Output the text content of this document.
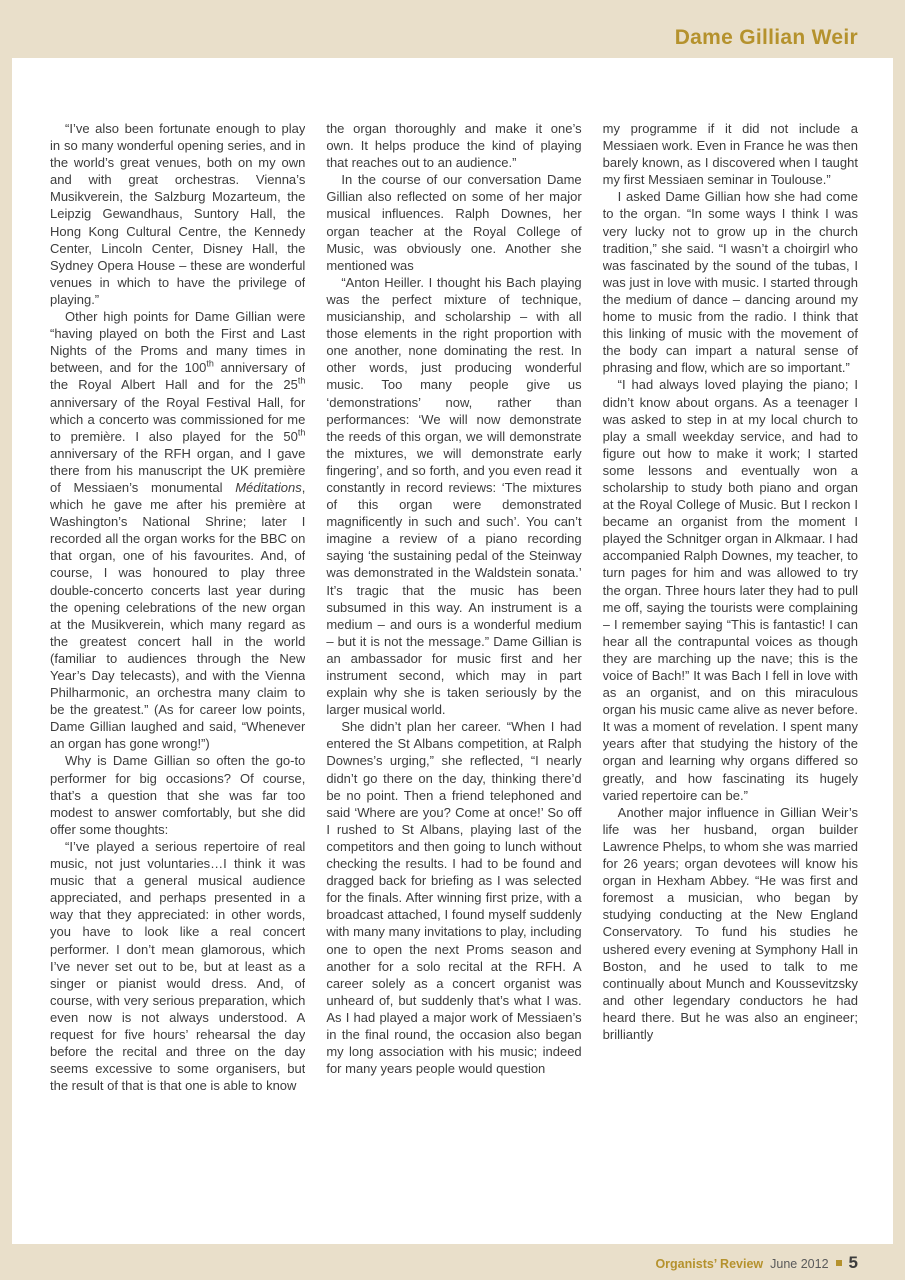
Dame Gillian Weir

“I’ve also been fortunate enough to play in so many wonderful opening series, and in the world’s great venues, both on my own and with great orchestras. Vienna’s Musikverein, the Salzburg Mozarteum, the Leipzig Gewandhaus, Suntory Hall, the Hong Kong Cultural Centre, the Kennedy Center, Lincoln Center, Disney Hall, the Sydney Opera House – these are wonderful venues in which to have the privilege of playing.”

Other high points for Dame Gillian were “having played on both the First and Last Nights of the Proms and many times in between, and for the 100th anniversary of the Royal Albert Hall and for the 25th anniversary of the Royal Festival Hall, for which a concerto was commissioned for me to première. I also played for the 50th anniversary of the RFH organ, and I gave there from his manuscript the UK première of Messiaen’s monumental Méditations, which he gave me after his première at Washington’s National Shrine; later I recorded all the organ works for the BBC on that organ, one of his favourites. And, of course, I was honoured to play three double-concerto concerts last year during the opening celebrations of the new organ at the Musikverein, which many regard as the greatest concert hall in the world (familiar to audiences through the New Year’s Day telecasts), and with the Vienna Philharmonic, an orchestra many claim to be the greatest.” (As for career low points, Dame Gillian laughed and said, “Whenever an organ has gone wrong!”)

Why is Dame Gillian so often the go-to performer for big occasions? Of course, that’s a question that she was far too modest to answer comfortably, but she did offer some thoughts:

“I’ve played a serious repertoire of real music, not just voluntaries…I think it was music that a general musical audience appreciated, and perhaps presented in a way that they appreciated: in other words, you have to look like a real concert performer. I don’t mean glamorous, which I’ve never set out to be, but at least as a singer or pianist would dress. And, of course, with very serious preparation, which even now is not always understood. A request for five hours’ rehearsal the day before the recital and three on the day seems excessive to some organisers, but the result of that is that one is able to know

the organ thoroughly and make it one’s own. It helps produce the kind of playing that reaches out to an audience.”

In the course of our conversation Dame Gillian also reflected on some of her major musical influences. Ralph Downes, her organ teacher at the Royal College of Music, was obviously one. Another she mentioned was

“Anton Heiller. I thought his Bach playing was the perfect mixture of technique, musicianship, and scholarship – with all those elements in the right proportion with one another, none dominating the rest. In other words, just producing wonderful music. Too many people give us ‘demonstrations’ now, rather than performances: ‘We will now demonstrate the reeds of this organ, we will demonstrate the mixtures, we will demonstrate early fingering’, and so forth, and you even read it constantly in record reviews: ‘The mixtures of this organ were demonstrated magnificently in such and such’. You can’t imagine a review of a piano recording saying ‘the sustaining pedal of the Steinway was demonstrated in the Waldstein sonata.’ It’s tragic that the music has been subsumed in this way. An instrument is a medium – and ours is a wonderful medium – but it is not the message.” Dame Gillian is an ambassador for music first and her instrument second, which may in part explain why she is taken seriously by the larger musical world.

She didn’t plan her career. “When I had entered the St Albans competition, at Ralph Downes’s urging,” she reflected, “I nearly didn’t go there on the day, thinking there’d be no point. Then a friend telephoned and said ‘Where are you? Come at once!’ So off I rushed to St Albans, playing last of the competitors and then going to lunch without checking the results. I had to be found and dragged back for briefing as I was selected for the finals. After winning first prize, with a broadcast attached, I found myself suddenly with many many invitations to play, including one to open the next Proms season and another for a solo recital at the RFH. A career solely as a concert organist was unheard of, but suddenly that’s what I was. As I had played a major work of Messiaen’s in the final round, the occasion also began my long association with his music; indeed for many years people would question

my programme if it did not include a Messiaen work. Even in France he was then barely known, as I discovered when I taught my first Messiaen seminar in Toulouse.”

I asked Dame Gillian how she had come to the organ. “In some ways I think I was very lucky not to grow up in the church tradition,” she said. “I wasn’t a choirgirl who was fascinated by the sound of the tubas, I was just in love with music. I started through the medium of dance – dancing around my home to music from the radio. I think that this linking of music with the movement of the body can impart a natural sense of phrasing and flow, which are so important.”

“I had always loved playing the piano; I didn’t know about organs. As a teenager I was asked to step in at my local church to play a small weekday service, and had to figure out how to make it work; I started some lessons and eventually won a scholarship to study both piano and organ at the Royal College of Music. But I reckon I became an organist from the moment I played the Schnitger organ in Alkmaar. I had accompanied Ralph Downes, my teacher, to turn pages for him and was allowed to try the organ. Three hours later they had to pull me off, saying the tourists were complaining – I remember saying “This is fantastic! I can hear all the contrapuntal voices as though they are marching up the nave; this is the voice of Bach!” It was Bach I fell in love with as an organist, and on this miraculous organ his music came alive as never before. It was a moment of revelation. I spent many years after that studying the history of the organ and learning why organs differed so greatly, and how fascinating its hugely varied repertoire can be.”

Another major influence in Gillian Weir’s life was her husband, organ builder Lawrence Phelps, to whom she was married for 26 years; organ devotees will know his organ in Hexham Abbey. “He was first and foremost a musician, who began by studying conducting at the New England Conservatory. To fund his studies he ushered every evening at Symphony Hall in Boston, and he used to talk to me continually about Munch and Koussevitzsky and other legendary conductors he had heard there. But he was also an engineer; brilliantly

Organists’ Review June 2012 5
